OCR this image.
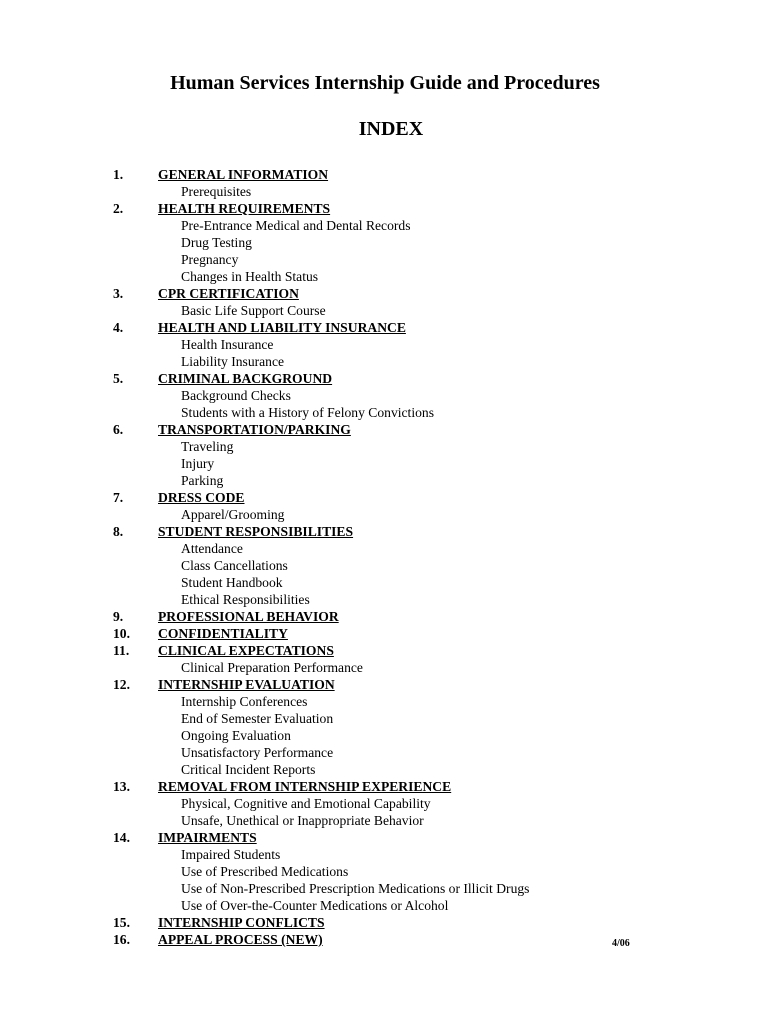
Human Services Internship Guide and Procedures
INDEX
1.	GENERAL INFORMATION
Prerequisites
2.	HEALTH REQUIREMENTS
Pre-Entrance Medical and Dental Records
Drug Testing
Pregnancy
Changes in Health Status
3.	CPR CERTIFICATION
Basic Life Support Course
4.	HEALTH AND LIABILITY INSURANCE
Health Insurance
Liability Insurance
5.	CRIMINAL BACKGROUND
Background Checks
Students with a History of Felony Convictions
6.	TRANSPORTATION/PARKING
Traveling
Injury
Parking
7.	DRESS CODE
Apparel/Grooming
8.	STUDENT RESPONSIBILITIES
Attendance
Class Cancellations
Student Handbook
Ethical Responsibilities
9.	PROFESSIONAL BEHAVIOR
10. CONFIDENTIALITY
11. CLINICAL EXPECTATIONS
Clinical Preparation Performance
12. INTERNSHIP EVALUATION
Internship Conferences
End of Semester Evaluation
Ongoing Evaluation
Unsatisfactory Performance
Critical Incident Reports
13. REMOVAL FROM INTERNSHIP EXPERIENCE
Physical, Cognitive and Emotional Capability
Unsafe, Unethical or Inappropriate Behavior
14. IMPAIRMENTS
Impaired Students
Use of Prescribed Medications
Use of Non-Prescribed Prescription Medications or Illicit Drugs
Use of Over-the-Counter Medications or Alcohol
15. INTERNSHIP CONFLICTS
16. APPEAL PROCESS (NEW)	4/06
